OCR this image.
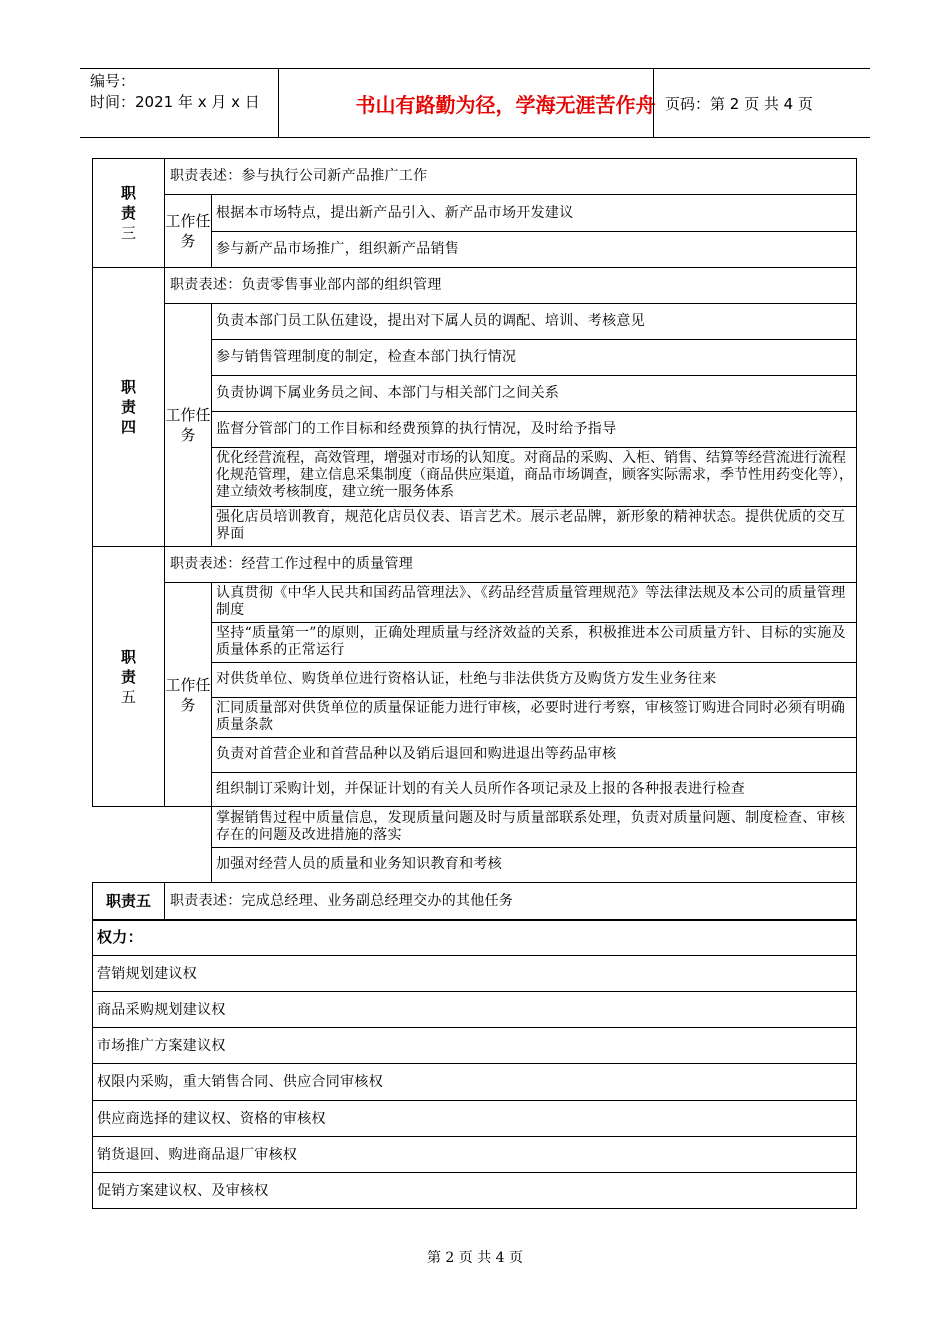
编号：
时间：2021 年 x 月 x 日	书山有路勤为径，学海无涯苦作舟 页码：第 2 页 共 4 页
职
责
三
职责表述：参与执行公司新产品推广工作
工作任务
根据本市场特点，提出新产品引入、新产品市场开发建议
参与新产品市场推广，组织新产品销售
职
责
四
职责表述：负责零售事业部内部的组织管理
工作任务
负责本部门员工队伍建设，提出对下属人员的调配、培训、考核意见
参与销售管理制度的制定，检查本部门执行情况
负责协调下属业务员之间、本部门与相关部门之间关系
监督分管部门的工作目标和经费预算的执行情况，及时给予指导
优化经营流程，高效管理，增强对市场的认知度。对商品的采购、入柜、销售、结算等经营流进行流程化规范管理，建立信息采集制度（商品供应渠道，商品市场调查，顾客实际需求，季节性用药变化等），建立绩效考核制度，建立统一服务体系
强化店员培训教育，规范化店员仪表、语言艺术。展示老品牌，新形象的精神状态。提供优质的交互界面
职
责
五
职责表述：经营工作过程中的质量管理
工作任务
认真贯彻《中华人民共和国药品管理法》、《药品经营质量管理规范》等法律法规及本公司的质量管理制度
坚持“质量第一”的原则，正确处理质量与经济效益的关系，积极推进本公司质量方针、目标的实施及质量体系的正常运行
对供货单位、购货单位进行资格认证，杜绝与非法供货方及购货方发生业务往来
汇同质量部对供货单位的质量保证能力进行审核，必要时进行考察，审核签订购进合同时必须有明确质量条款
负责对首营企业和首营品种以及销后退回和购进退出等药品审核
组织制订采购计划，并保证计划的有关人员所作各项记录及上报的各种报表进行检查
掌握销售过程中质量信息，发现质量问题及时与质量部联系处理，负责对质量问题、制度检查、审核存在的问题及改进措施的落实
加强对经营人员的质量和业务知识教育和考核
职责五	职责表述：完成总经理、业务副总经理交办的其他任务
权力：
营销规划建议权
商品采购规划建议权
市场推广方案建议权
权限内采购，重大销售合同、供应合同审核权
供应商选择的建议权、资格的审核权
销货退回、购进商品退厂审核权
促销方案建议权、及审核权
第 2 页 共 4 页
